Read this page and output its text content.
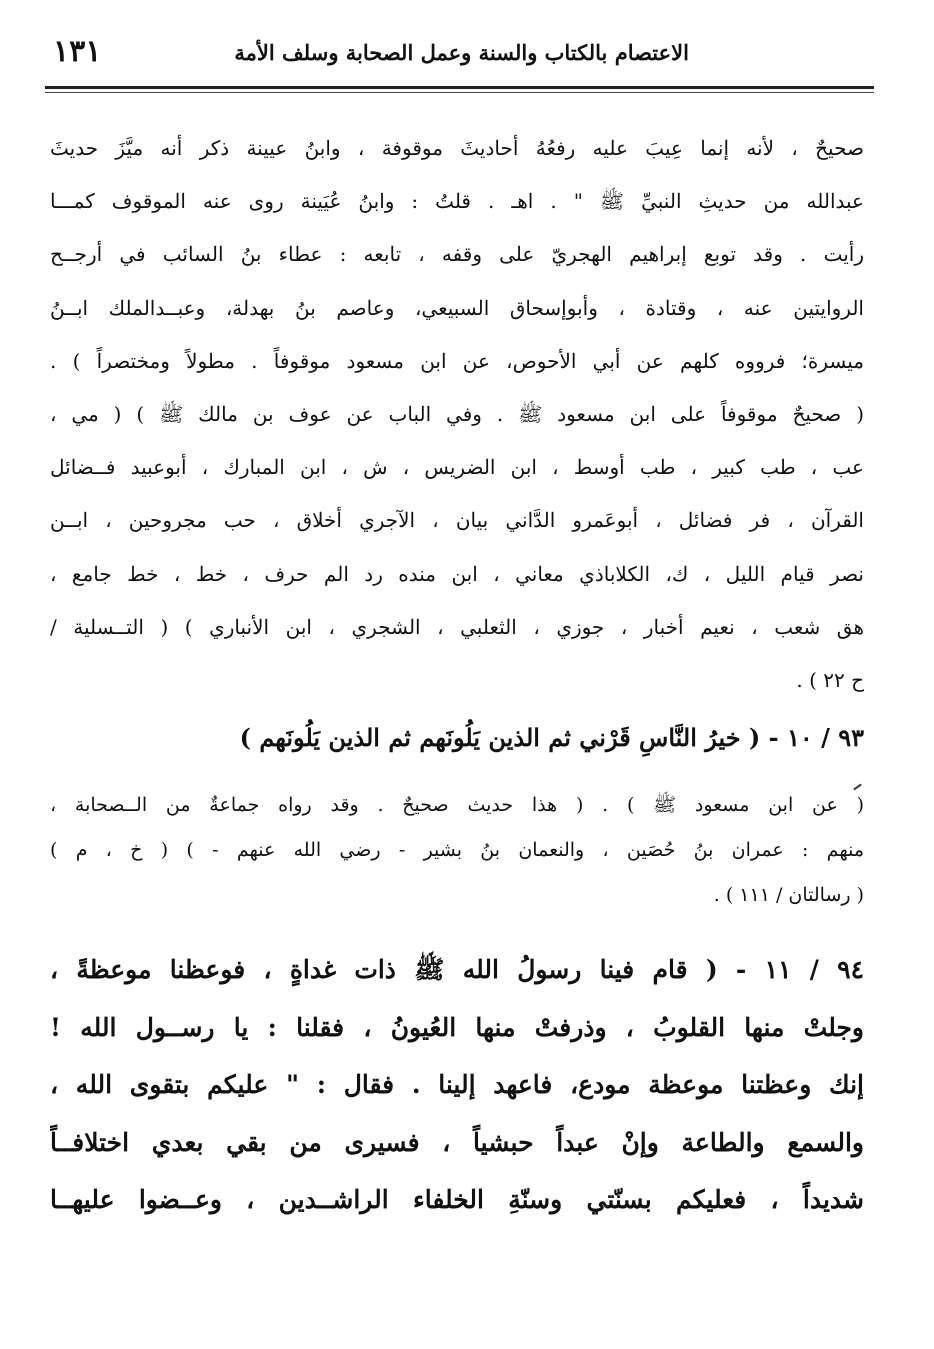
الاعتصام بالكتاب والسنة وعمل الصحابة وسلف الأمة
١٣١
صحيحٌ ، لأنه إنما عِيبَ عليه رفعُهُ أحاديثَ موقوفة ، وابنُ عيينة ذكر أنه ميَّزَ حديثَ
عبدالله من حديثِ النبيِّ ﷺ " . اهـ . قلتُ : وابنُ عُيَينة روى عنه الموقوف كمـــا
رأيت . وقد توبع إبراهيم الهجريّ على وقفه ، تابعه : عطاء بنُ السائب في أرجــح
الروايتين عنه ، وقتادة ، وأبوإسحاق السبيعي، وعاصم بنُ بهدلة، وعبــدالملك ابــنُ
ميسرة؛ فرووه كلهم عن أبي الأحوص، عن ابن مسعود موقوفاً . مطولاً ومختصراً ) .
( صحيحٌ موقوفاً على ابن مسعود ﷺ . وفي الباب عن عوف بن مالك ﷺ ) ( مي ،
عب ، طب كبير ، طب أوسط ، ابن الضريس ، ش ، ابن المبارك ، أبوعبيد فــضائل
القرآن ، فر فضائل ، أبوعَمرو الدَّاني بيان ، الآجري أخلاق ، حب مجروحين ، ابــن
نصر قيام الليل ، ك، الكلاباذي معاني ، ابن منده رد الم حرف ، خط ، خط جامع ،
هق شعب ، نعيم أخبار ، جوزي ، الثعلبي ، الشجري ، ابن الأنباري ) ( التــسلية /
ح ٢٢ ) .
٩٣ / ١٠ - ( خيرُ النَّاسِ قَرْني ثم الذين يَلُونَهم ثم الذين يَلُونَهم )
( عن ابن مسعود ﷺ ) . ( هذا حديث صحيحٌ . وقد رواه جماعةٌ من الــصحابة ،
منهم : عمران بنُ حُصَين ، والنعمان بنُ بشير - رضي الله عنهم - ) ( خ ، م )
( رسالتان / ١١١ ) .
٩٤ / ١١ - ( قام فينا رسولُ الله ﷺ ذات غداةٍ ، فوعظنا موعظةً ،
وجلتْ منها القلوبُ ، وذرفتْ منها العُيونُ ، فقلنا : يا رســول الله !
إنك وعظتنا موعظة مودع، فاعهد إلينا . فقال : " عليكم بتقوى الله ،
والسمع والطاعة وإنْ عبداً حبشياً ، فسيرى من بقي بعدي اختلافــاً
شديداً ، فعليكم بسنّتي وسنّةِ الخلفاء الراشــدين ، وعــضوا عليهــا
